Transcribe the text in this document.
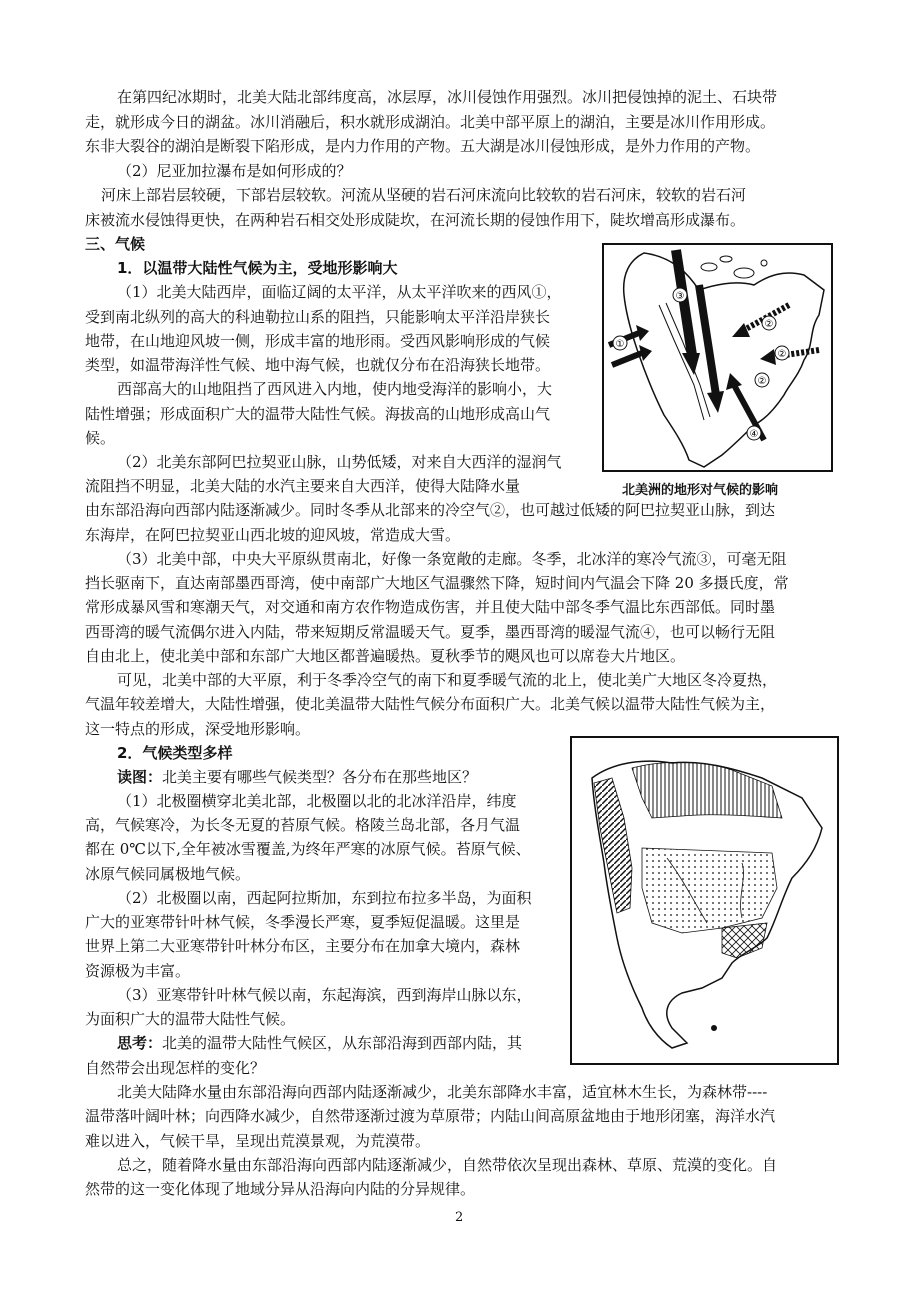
在第四纪冰期时，北美大陆北部纬度高，冰层厚，冰川侵蚀作用强烈。冰川把侵蚀掉的泥土、石块带
走，就形成今日的湖盆。冰川消融后，积水就形成湖泊。北美中部平原上的湖泊，主要是冰川作用形成。
东非大裂谷的湖泊是断裂下陷形成，是内力作用的产物。五大湖是冰川侵蚀形成，是外力作用的产物。
（2）尼亚加拉瀑布是如何形成的？
河床上部岩层较硬，下部岩层较软。河流从坚硬的岩石河床流向比较软的岩石河床，较软的岩石河
床被流水侵蚀得更快，在两种岩石相交处形成陡坎，在河流长期的侵蚀作用下，陡坎增高形成瀑布。
三、气候
1．以温带大陆性气候为主，受地形影响大
（1）北美大陆西岸，面临辽阔的太平洋，从太平洋吹来的西风①，
受到南北纵列的高大的科迪勒拉山系的阻挡，只能影响太平洋沿岸狭长
地带，在山地迎风坡一侧，形成丰富的地形雨。受西风影响形成的气候
类型，如温带海洋性气候、地中海气候，也就仅分布在沿海狭长地带。
西部高大的山地阻挡了西风进入内地，使内地受海洋的影响小，大
陆性增强；形成面积广大的温带大陆性气候。海拔高的山地形成高山气
候。
（2）北美东部阿巴拉契亚山脉，山势低矮，对来自大西洋的湿润气
流阻挡不明显，北美大陆的水汽主要来自大西洋，使得大陆降水量
由东部沿海向西部内陆逐渐减少。同时冬季从北部来的冷空气②，也可越过低矮的阿巴拉契亚山脉，到达
东海岸，在阿巴拉契亚山西北坡的迎风坡，常造成大雪。
（3）北美中部，中央大平原纵贯南北，好像一条宽敞的走廊。冬季，北冰洋的寒冷气流③，可毫无阻
挡长驱南下，直达南部墨西哥湾，使中南部广大地区气温骤然下降，短时间内气温会下降 20 多摄氏度，常
常形成暴风雪和寒潮天气，对交通和南方农作物造成伤害，并且使大陆中部冬季气温比东西部低。同时墨
西哥湾的暖气流偶尔进入内陆，带来短期反常温暖天气。夏季，墨西哥湾的暖湿气流④，也可以畅行无阻
自由北上，使北美中部和东部广大地区都普遍暖热。夏秋季节的飓风也可以席卷大片地区。
可见，北美中部的大平原，利于冬季冷空气的南下和夏季暖气流的北上，使北美广大地区冬冷夏热，
气温年较差增大，大陆性增强，使北美温带大陆性气候分布面积广大。北美气候以温带大陆性气候为主，
这一特点的形成，深受地形影响。
2．气候类型多样
读图：北美主要有哪些气候类型？各分布在那些地区？
（1）北极圈横穿北美北部，北极圈以北的北冰洋沿岸，纬度
高，气候寒冷，为长冬无夏的苔原气候。格陵兰岛北部，各月气温
都在 0℃以下,全年被冰雪覆盖,为终年严寒的冰原气候。苔原气候、
冰原气候同属极地气候。
（2）北极圈以南，西起阿拉斯加，东到拉布拉多半岛，为面积
广大的亚寒带针叶林气候，冬季漫长严寒，夏季短促温暖。这里是
世界上第二大亚寒带针叶林分布区，主要分布在加拿大境内，森林
资源极为丰富。
（3）亚寒带针叶林气候以南，东起海滨，西到海岸山脉以东，
为面积广大的温带大陆性气候。
思考：北美的温带大陆性气候区，从东部沿海到西部内陆，其
自然带会出现怎样的变化？
北美大陆降水量由东部沿海向西部内陆逐渐减少，北美东部降水丰富，适宜林木生长，为森林带----
温带落叶阔叶林；向西降水减少，自然带逐渐过渡为草原带；内陆山间高原盆地由于地形闭塞，海洋水汽
难以进入，气候干旱，呈现出荒漠景观，为荒漠带。
总之，随着降水量由东部沿海向西部内陆逐渐减少，自然带依次呈现出森林、草原、荒漠的变化。自
然带的这一变化体现了地域分异从沿海向内陆的分异规律。
①
②
②
②
③
④
北美洲的地形对气候的影响
2
